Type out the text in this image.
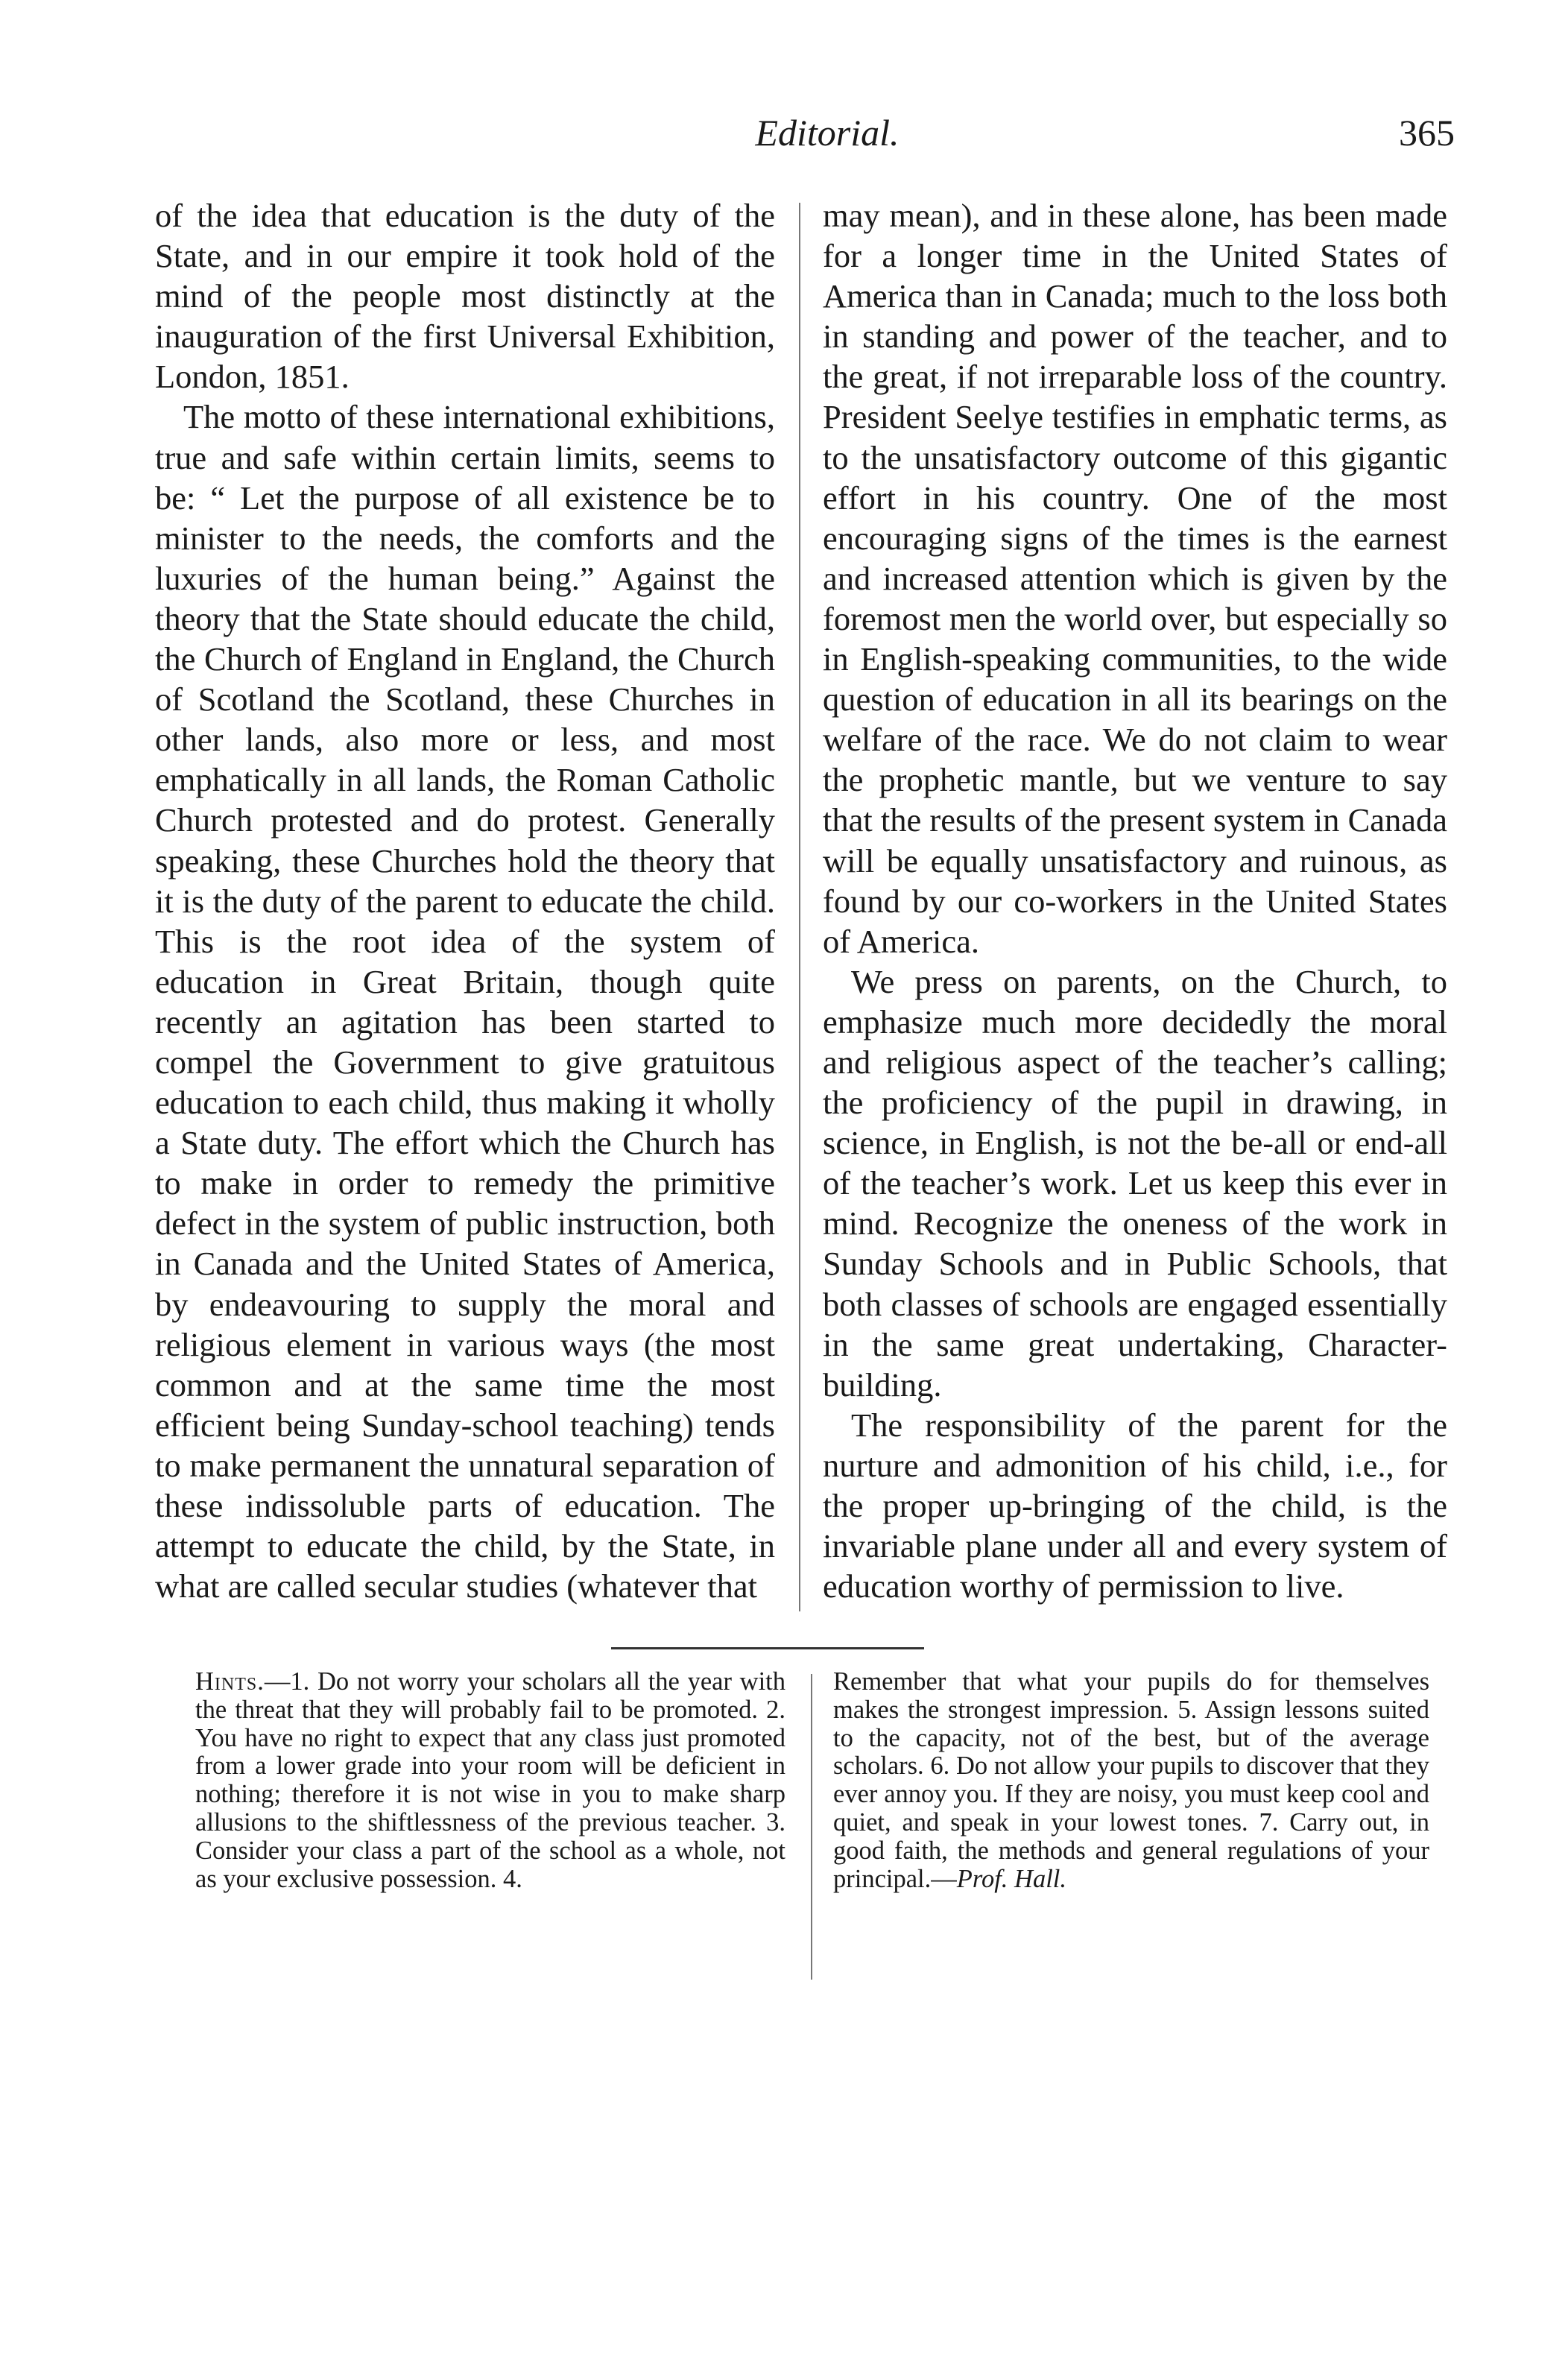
Editorial.	365

of the idea that education is the duty of the State, and in our empire it took hold of the mind of the people most distinctly at the inauguration of the first Universal Exhibition, London, 1851.

The motto of these international exhibitions, true and safe within certain limits, seems to be: “ Let the purpose of all existence be to minister to the needs, the comforts and the luxuries of the human being.” Against the theory that the State should educate the child, the Church of England in England, the Church of Scotland the Scotland, these Churches in other lands, also more or less, and most emphatically in all lands, the Roman Catholic Church protested and do protest. Generally speaking, these Churches hold the theory that it is the duty of the parent to educate the child. This is the root idea of the system of education in Great Britain, though quite recently an agitation has been started to compel the Government to give gratuitous education to each child, thus making it wholly a State duty. The effort which the Church has to make in order to remedy the primitive defect in the system of public instruction, both in Canada and the United States of America, by endeavouring to supply the moral and religious element in various ways (the most common and at the same time the most efficient being Sunday-school teaching) tends to make permanent the unnatural separation of these indissoluble parts of education. The attempt to educate the child, by the State, in what are called secular studies (whatever that

may mean), and in these alone, has been made for a longer time in the United States of America than in Canada; much to the loss both in standing and power of the teacher, and to the great, if not irreparable loss of the country. President Seelye testifies in emphatic terms, as to the unsatisfactory outcome of this gigantic effort in his country. One of the most encouraging signs of the times is the earnest and increased attention which is given by the foremost men the world over, but especially so in English-speaking communities, to the wide question of education in all its bearings on the welfare of the race. We do not claim to wear the prophetic mantle, but we venture to say that the results of the present system in Canada will be equally unsatisfactory and ruinous, as found by our co-workers in the United States of America.

We press on parents, on the Church, to emphasize much more decidedly the moral and religious aspect of the teacher’s calling; the proficiency of the pupil in drawing, in science, in English, is not the be-all or end-all of the teacher’s work. Let us keep this ever in mind. Recognize the oneness of the work in Sunday Schools and in Public Schools, that both classes of schools are engaged essentially in the same great undertaking, Character-building.

The responsibility of the parent for the nurture and admonition of his child, i.e., for the proper up-bringing of the child, is the invariable plane under all and every system of education worthy of permission to live.

Hints.—1. Do not worry your scholars all the year with the threat that they will probably fail to be promoted. 2. You have no right to expect that any class just promoted from a lower grade into your room will be deficient in nothing; therefore it is not wise in you to make sharp allusions to the shiftlessness of the previous teacher. 3. Consider your class a part of the school as a whole, not as your exclusive possession. 4.

Remember that what your pupils do for themselves makes the strongest impression. 5. Assign lessons suited to the capacity, not of the best, but of the average scholars. 6. Do not allow your pupils to discover that they ever annoy you. If they are noisy, you must keep cool and quiet, and speak in your lowest tones. 7. Carry out, in good faith, the methods and general regulations of your principal.—Prof. Hall.
